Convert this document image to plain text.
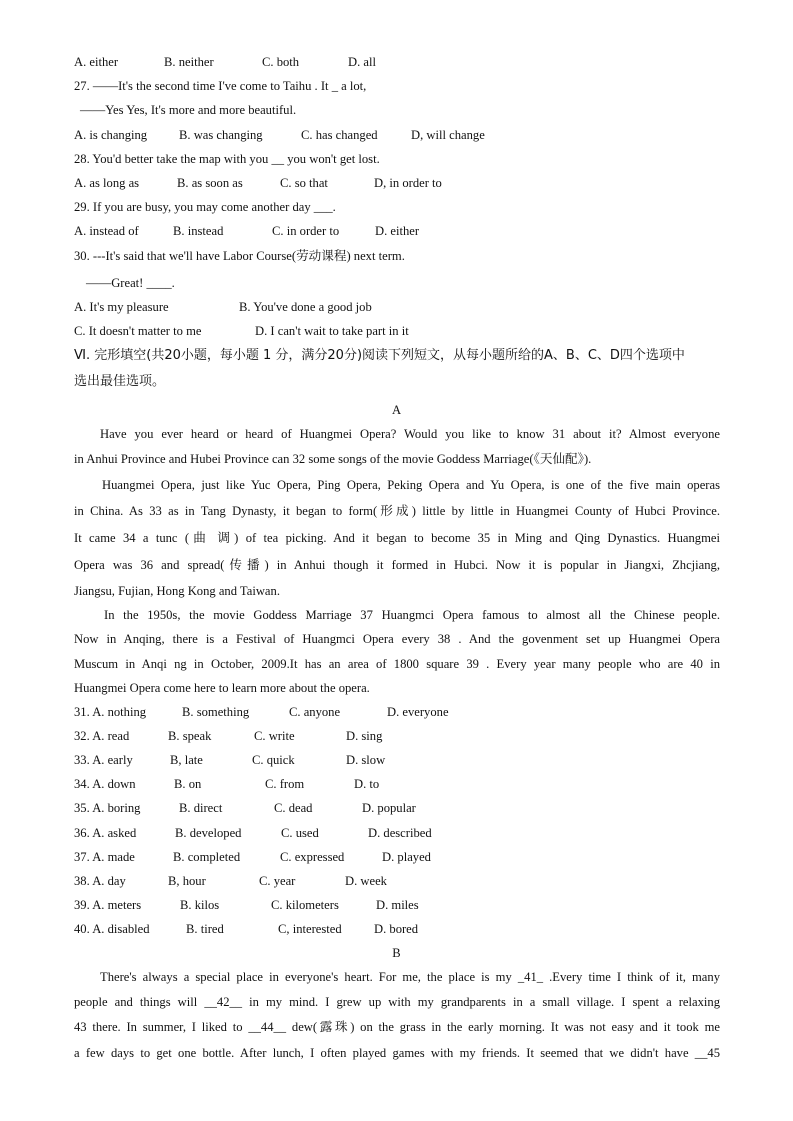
A. either	B. neither	C. both	D. all
27. ——It's the second time I've come to Taihu . It _ a lot,
——Yes Yes, It's more and more beautiful.
A. is changing	B. was changing	C. has changed	D, will change
28. You'd better take the map with you __ you won't get lost.
A. as long as	B. as soon as	C. so that	D, in order to
29. If you are busy, you may come another day ___.
A. instead of	B. instead	C. in order to	D. either
30. ---It's said that we'll have Labor Course(劳动课程) next term.
——Great! ____.
A. It's my pleasure	B. You've done a good job
C. It doesn't matter to me	D. I can't wait to take part in it
Ⅵ. 完形填空(共20小题，每小题 1 分，满分20分)阅读下列短文，从每小题所给的A、B、C、D四个选项中
选出最佳选项。
A
Have you ever heard or heard of Huangmei Opera? Would you like to know 31 about it? Almost everyone
in Anhui Province and Hubei Province can 32 some songs of the movie Goddess Marriage(《天仙配》).
Huangmei Opera, just like Yuc Opera, Ping Opera, Peking Opera and Yu Opera, is one of the five main operas
in China. As 33 as in Tang Dynasty, it began to form(形成) little by little in Huangmei County of Hubci Province.
It came 34 a tunc (曲 调) of tea picking. And it began to become 35 in Ming and Qing Dynastics. Huangmei
Opera was 36 and spread(传播) in Anhui though it formed in Hubci. Now it is popular in Jiangxi, Zhcjiang,
Jiangsu, Fujian, Hong Kong and Taiwan.
In the 1950s, the movie Goddess Marriage 37 Huangmci Opera famous to almost all the Chinese people.
Now in Anqing, there is a Festival of Huangmci Opera every 38 . And the govenment set up Huangmei Opera
Muscum in Anqi ng in October, 2009.It has an area of 1800 square 39 . Every year many people who are 40 in
Huangmei Opera come here to learn more about the opera.
31. A. nothing	B. something	C. anyone	D. everyone
32. A. read	B. speak	C. write	D. sing
33. A. early	B, late	C. quick	D. slow
34. A. down	B. on	C. from	D. to
35. A. boring	B. direct	C. dead	D. popular
36. A. asked	B. developed	C. used	D. described
37. A. made	B. completed	C. expressed	D. played
38. A. day	B, hour	C. year	D. week
39. A. meters	B. kilos	C. kilometers	D. miles
40. A. disabled	B. tired	C, interested	D. bored
B
There's always a special place in everyone's heart. For me, the place is my _41_ .Every time I think of it, many
people and things will __42__ in my mind. I grew up with my grandparents in a small village. I spent a relaxing
43 there. In summer, I liked to __44__ dew(露珠) on the grass in the early morning. It was not easy and it took me
a few days to get one bottle. After lunch, I often played games with my friends. It seemed that we didn't have __45
